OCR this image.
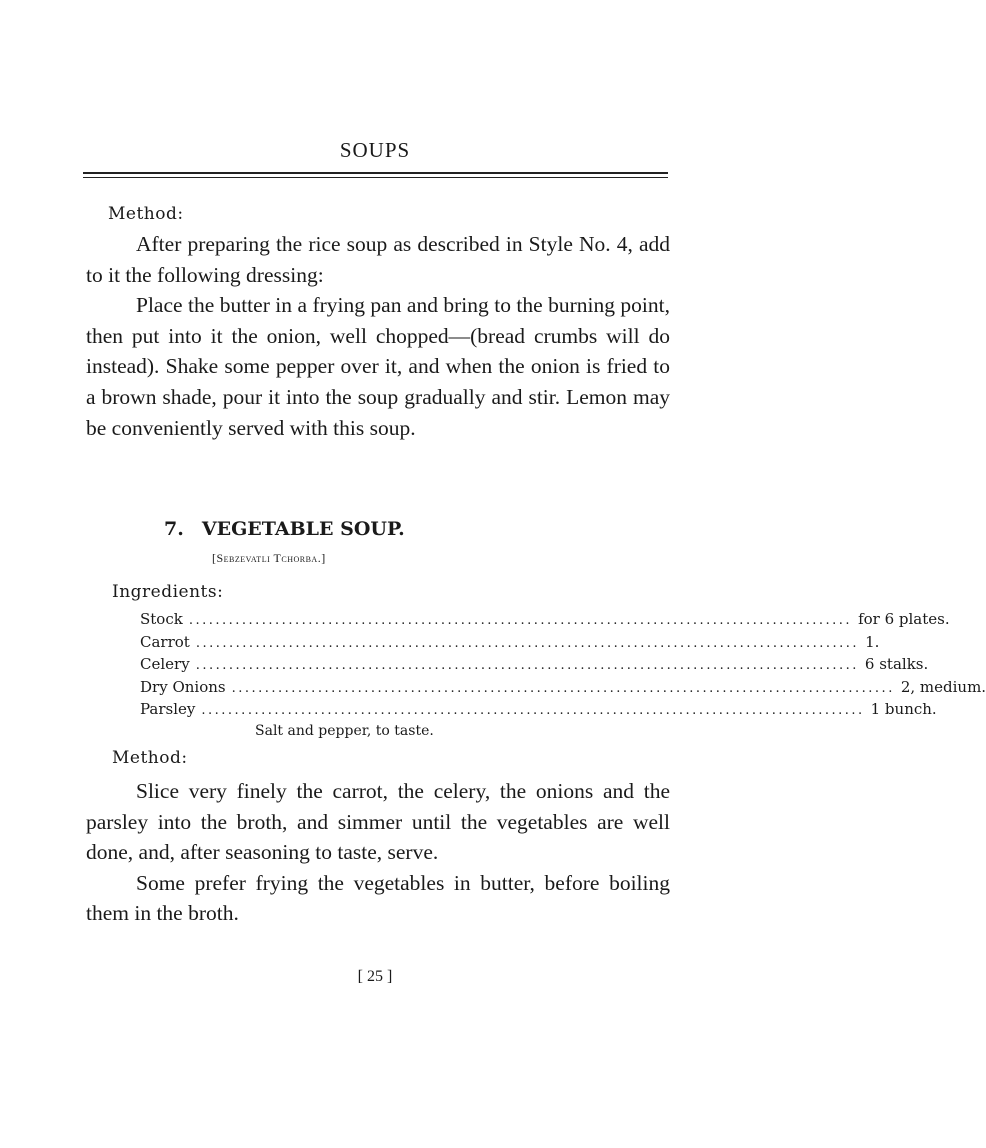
SOUPS
Method:

After preparing the rice soup as described in Style No. 4, add to it the following dressing:

Place the butter in a frying pan and bring to the burning point, then put into it the onion, well chopped—(bread crumbs will do instead). Shake some pepper over it, and when the onion is fried to a brown shade, pour it into the soup gradually and stir. Lemon may be conveniently served with this soup.

7. VEGETABLE SOUP.
[Sebzevatli Tchorba.]
Ingredients:
Stock .................................................................................................... for 6 plates.
Carrot .................................................................................................... 1.
Celery .................................................................................................... 6 stalks.
Dry Onions .................................................................................................... 2, medium.
Parsley .................................................................................................... 1 bunch.
Salt and pepper, to taste.
Method:

Slice very finely the carrot, the celery, the onions and the parsley into the broth, and simmer until the vegetables are well done, and, after seasoning to taste, serve.

Some prefer frying the vegetables in butter, before boiling them in the broth.

[ 25 ]
